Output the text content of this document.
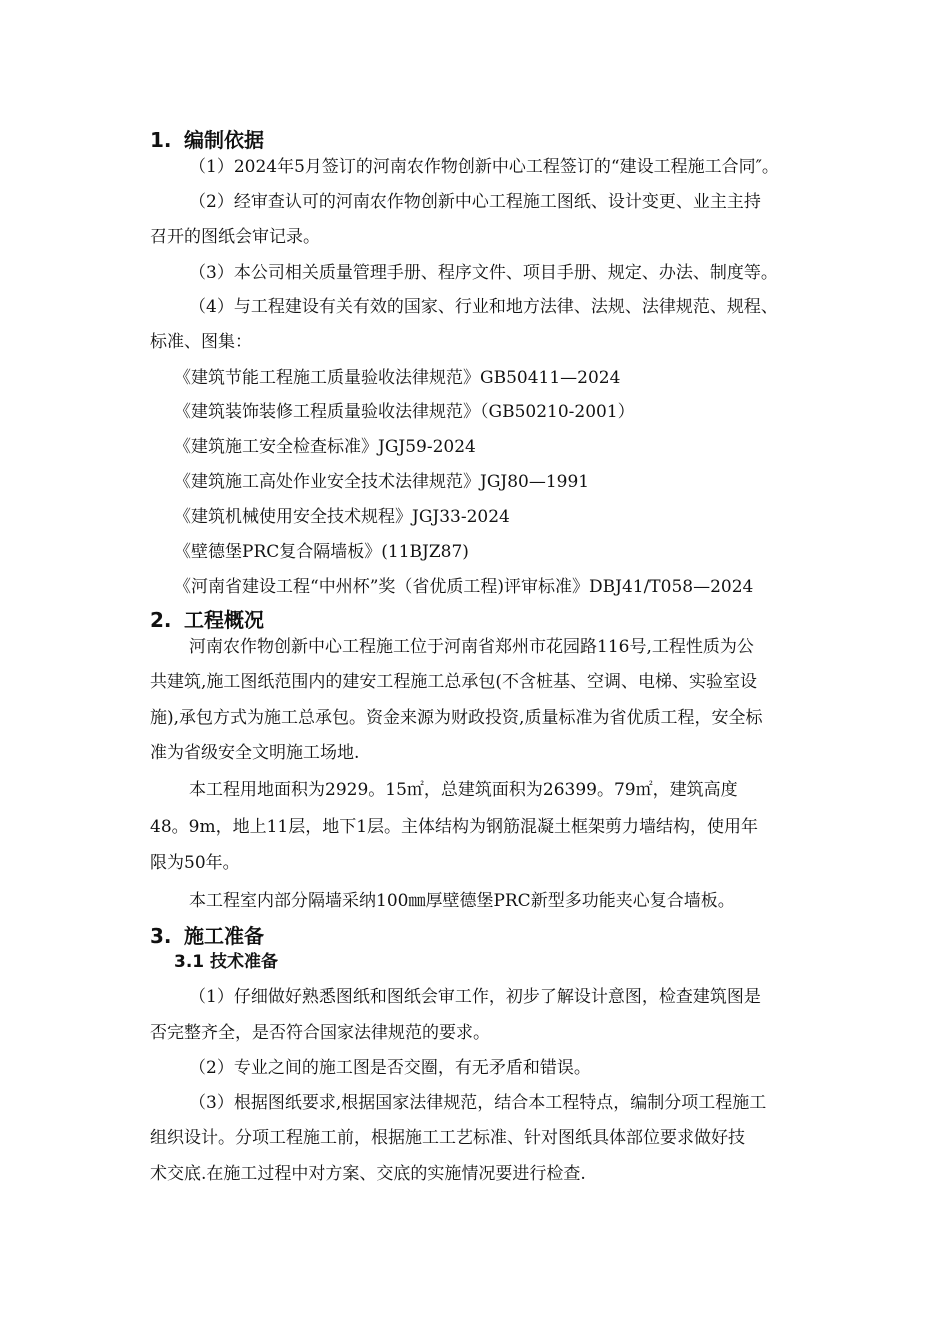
1. 编制依据
（1）2024年5月签订的河南农作物创新中心工程签订的“建设工程施工合同″。
（2）经审查认可的河南农作物创新中心工程施工图纸、设计变更、业主主持
召开的图纸会审记录。
（3）本公司相关质量管理手册、程序文件、项目手册、规定、办法、制度等。
（4）与工程建设有关有效的国家、行业和地方法律、法规、法律规范、规程、
标准、图集：
《建筑节能工程施工质量验收法律规范》GB50411—2024
《建筑装饰装修工程质量验收法律规范》（GB50210-2001）
《建筑施工安全检查标准》JGJ59-2024
《建筑施工高处作业安全技术法律规范》JGJ80—1991
《建筑机械使用安全技术规程》JGJ33-2024
《壁德堡PRC复合隔墙板》(11BJZ87)
《河南省建设工程“中州杯”奖（省优质工程)评审标准》DBJ41/T058—2024
2. 工程概况
河南农作物创新中心工程施工位于河南省郑州市花园路116号,工程性质为公
共建筑,施工图纸范围内的建安工程施工总承包(不含桩基、空调、电梯、实验室设
施),承包方式为施工总承包。资金来源为财政投资,质量标准为省优质工程，安全标
准为省级安全文明施工场地.
本工程用地面积为2929。15㎡，总建筑面积为26399。79㎡，建筑高度
48。9m，地上11层，地下1层。主体结构为钢筋混凝土框架剪力墙结构，使用年
限为50年。
本工程室内部分隔墙采纳100㎜厚壁德堡PRC新型多功能夹心复合墙板。
3. 施工准备
3.1 技术准备
（1）仔细做好熟悉图纸和图纸会审工作，初步了解设计意图，检查建筑图是
否完整齐全，是否符合国家法律规范的要求。
（2）专业之间的施工图是否交圈，有无矛盾和错误。
（3）根据图纸要求,根据国家法律规范，结合本工程特点，编制分项工程施工
组织设计。分项工程施工前，根据施工工艺标准、针对图纸具体部位要求做好技
术交底.在施工过程中对方案、交底的实施情况要进行检查.
